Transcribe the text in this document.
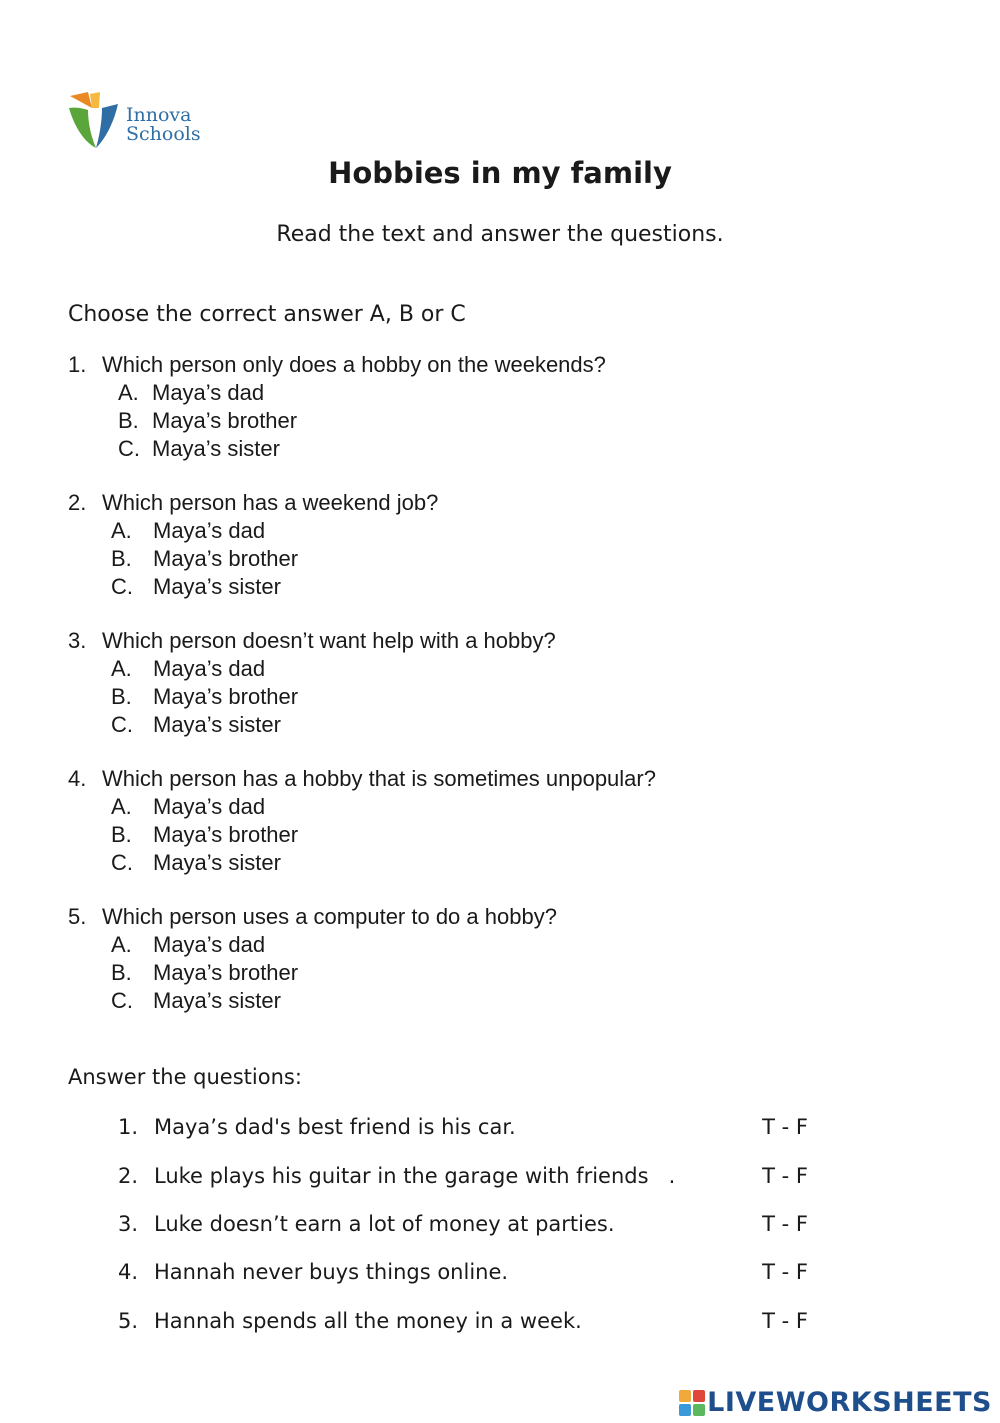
Innova
Schools
Hobbies in my family
Read the text and answer the questions.
Choose the correct answer A, B or C
1. Which person only does a hobby on the weekends?
A. Maya’s dad
B. Maya’s brother
C. Maya’s sister
2. Which person has a weekend job?
A. Maya’s dad
B. Maya’s brother
C. Maya’s sister
3. Which person doesn’t want help with a hobby?
A. Maya’s dad
B. Maya’s brother
C. Maya’s sister
4. Which person has a hobby that is sometimes unpopular?
A. Maya’s dad
B. Maya’s brother
C. Maya’s sister
5. Which person uses a computer to do a hobby?
A. Maya’s dad
B. Maya’s brother
C. Maya’s sister
Answer the questions:
1. Maya’s dad's best friend is his car.	T - F
2. Luke plays his guitar in the garage with friends   .	T - F
3. Luke doesn’t earn a lot of money at parties.	T - F
4. Hannah never buys things online.	T - F
5. Hannah spends all the money in a week.	T - F
LIVEWORKSHEETS
